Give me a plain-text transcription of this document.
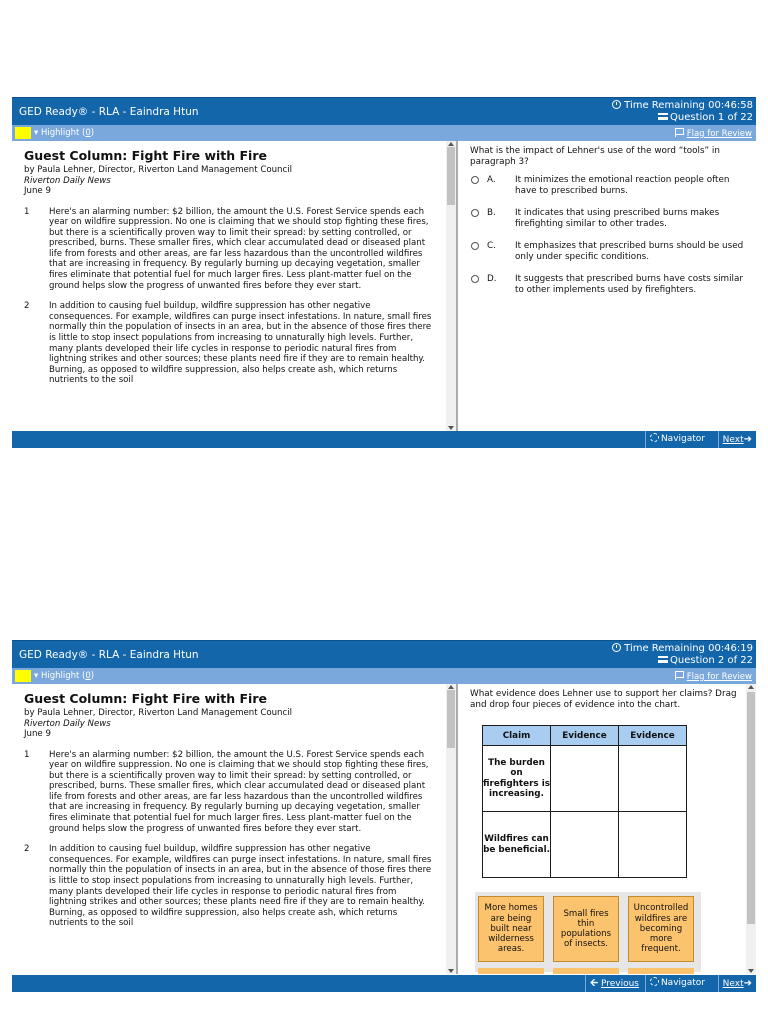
GED Ready® - RLA - Eaindra Htun
Time Remaining 00:46:58
Question 1 of 22
▾ Highlight (0)	Flag for Review
Guest Column: Fight Fire with Fire
by Paula Lehner, Director, Riverton Land Management Council
Riverton Daily News
June 9
1 Here's an alarming number: $2 billion, the amount the U.S. Forest Service spends each year on wildfire suppression. No one is claiming that we should stop fighting these fires, but there is a scientifically proven way to limit their spread: by setting controlled, or prescribed, burns. These smaller fires, which clear accumulated dead or diseased plant life from forests and other areas, are far less hazardous than the uncontrolled wildfires that are increasing in frequency. By regularly burning up decaying vegetation, smaller fires eliminate that potential fuel for much larger fires. Less plant-matter fuel on the ground helps slow the progress of unwanted fires before they ever start.
2 In addition to causing fuel buildup, wildfire suppression has other negative consequences. For example, wildfires can purge insect infestations. In nature, small fires normally thin the population of insects in an area, but in the absence of those fires there is little to stop insect populations from increasing to unnaturally high levels. Further, many plants developed their life cycles in response to periodic natural fires from lightning strikes and other sources; these plants need fire if they are to remain healthy. Burning, as opposed to wildfire suppression, also helps create ash, which returns nutrients to the soil
What is the impact of Lehner's use of the word “tools” in paragraph 3?
A. It minimizes the emotional reaction people often have to prescribed burns.
B. It indicates that using prescribed burns makes firefighting similar to other trades.
C. It emphasizes that prescribed burns should be used only under specific conditions.
D. It suggests that prescribed burns have costs similar to other implements used by firefighters.
Navigator	Next➜
GED Ready® - RLA - Eaindra Htun
Time Remaining 00:46:19
Question 2 of 22
▾ Highlight (0)	Flag for Review
Guest Column: Fight Fire with Fire
by Paula Lehner, Director, Riverton Land Management Council
Riverton Daily News
June 9
1 Here's an alarming number: $2 billion, the amount the U.S. Forest Service spends each year on wildfire suppression. No one is claiming that we should stop fighting these fires, but there is a scientifically proven way to limit their spread: by setting controlled, or prescribed, burns. These smaller fires, which clear accumulated dead or diseased plant life from forests and other areas, are far less hazardous than the uncontrolled wildfires that are increasing in frequency. By regularly burning up decaying vegetation, smaller fires eliminate that potential fuel for much larger fires. Less plant-matter fuel on the ground helps slow the progress of unwanted fires before they ever start.
2 In addition to causing fuel buildup, wildfire suppression has other negative consequences. For example, wildfires can purge insect infestations. In nature, small fires normally thin the population of insects in an area, but in the absence of those fires there is little to stop insect populations from increasing to unnaturally high levels. Further, many plants developed their life cycles in response to periodic natural fires from lightning strikes and other sources; these plants need fire if they are to remain healthy. Burning, as opposed to wildfire suppression, also helps create ash, which returns nutrients to the soil
What evidence does Lehner use to support her claims? Drag and drop four pieces of evidence into the chart.
Claim	Evidence	Evidence
The burden on firefighters is increasing.		
Wildfires can be beneficial.		
More homes are being built near wilderness areas.
Small fires thin populations of insects.
Uncontrolled wildfires are becoming more frequent.
🡨 Previous	Navigator	Next➜
